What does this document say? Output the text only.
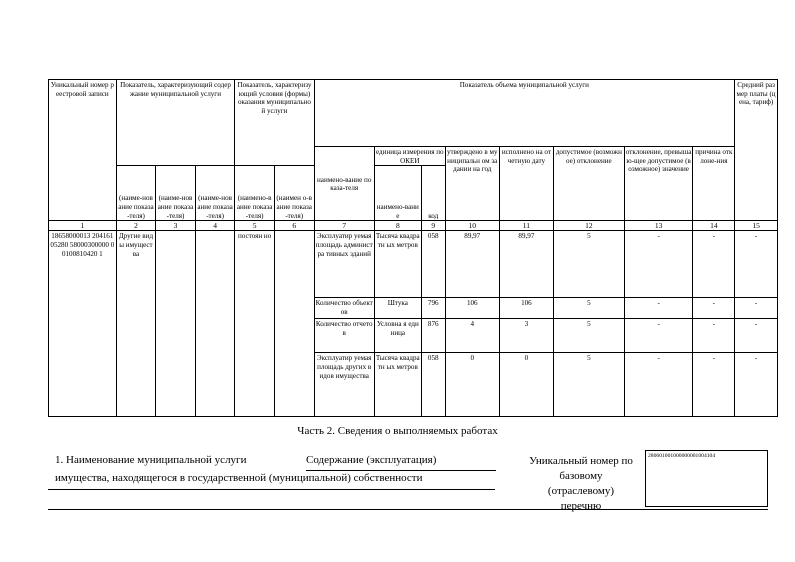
Уникальный номер реестровой записи	Показатель, характеризующий содержание муниципальной услуги			Показатель, характеризующий условия (формы) оказания муниципальной услуги		Показатель объема муниципальной услуги								Средний размер платы (цена, тариф)
						наимено-вание показа-теля	единица измерения по ОКЕИ		утверждено в муниципальн ом задании на год	исполнено на отчетную дату	допустимое (возможное) отклонение	отклонение, превышаю-щее допустимое (возможное) значение	причина отклоне-ния	
	(наиме-нование показа-теля)	(наиме-нование показа-теля)	(наиме-нование показа-теля)	(наимено-вание показа-теля)	(наимен о-вание показа-теля)		наимено-вание	код						
1	2	3	4	5	6	7	8	9	10	11	12	13	14	15
18658000013 20416105280 58000300000 00100810420 1	Другие виды имущест ва			постоян но		Эксплуатир уемая площадь администра тивных зданий	Тысяча квадратн ых метров	058	89,97	89,97	5	-	-	-
						Количество объектов	Штука	796	106	106	5	-	-	-
						Количество отчетов	Условна я единица	876	4	3	5	-	-	-
						Эксплуатир уемая площадь других видов имущества	Тысяча квадратн ых метров	058	0	0	5	-	-	-
Часть 2. Сведения о выполняемых работах
1. Наименование муниципальной услуги	Содержание (эксплуатация)
имущества, находящегося в государственной (муниципальной) собственности
Уникальный номер по базовому (отраслевому) перечню
280601001000000001004104
